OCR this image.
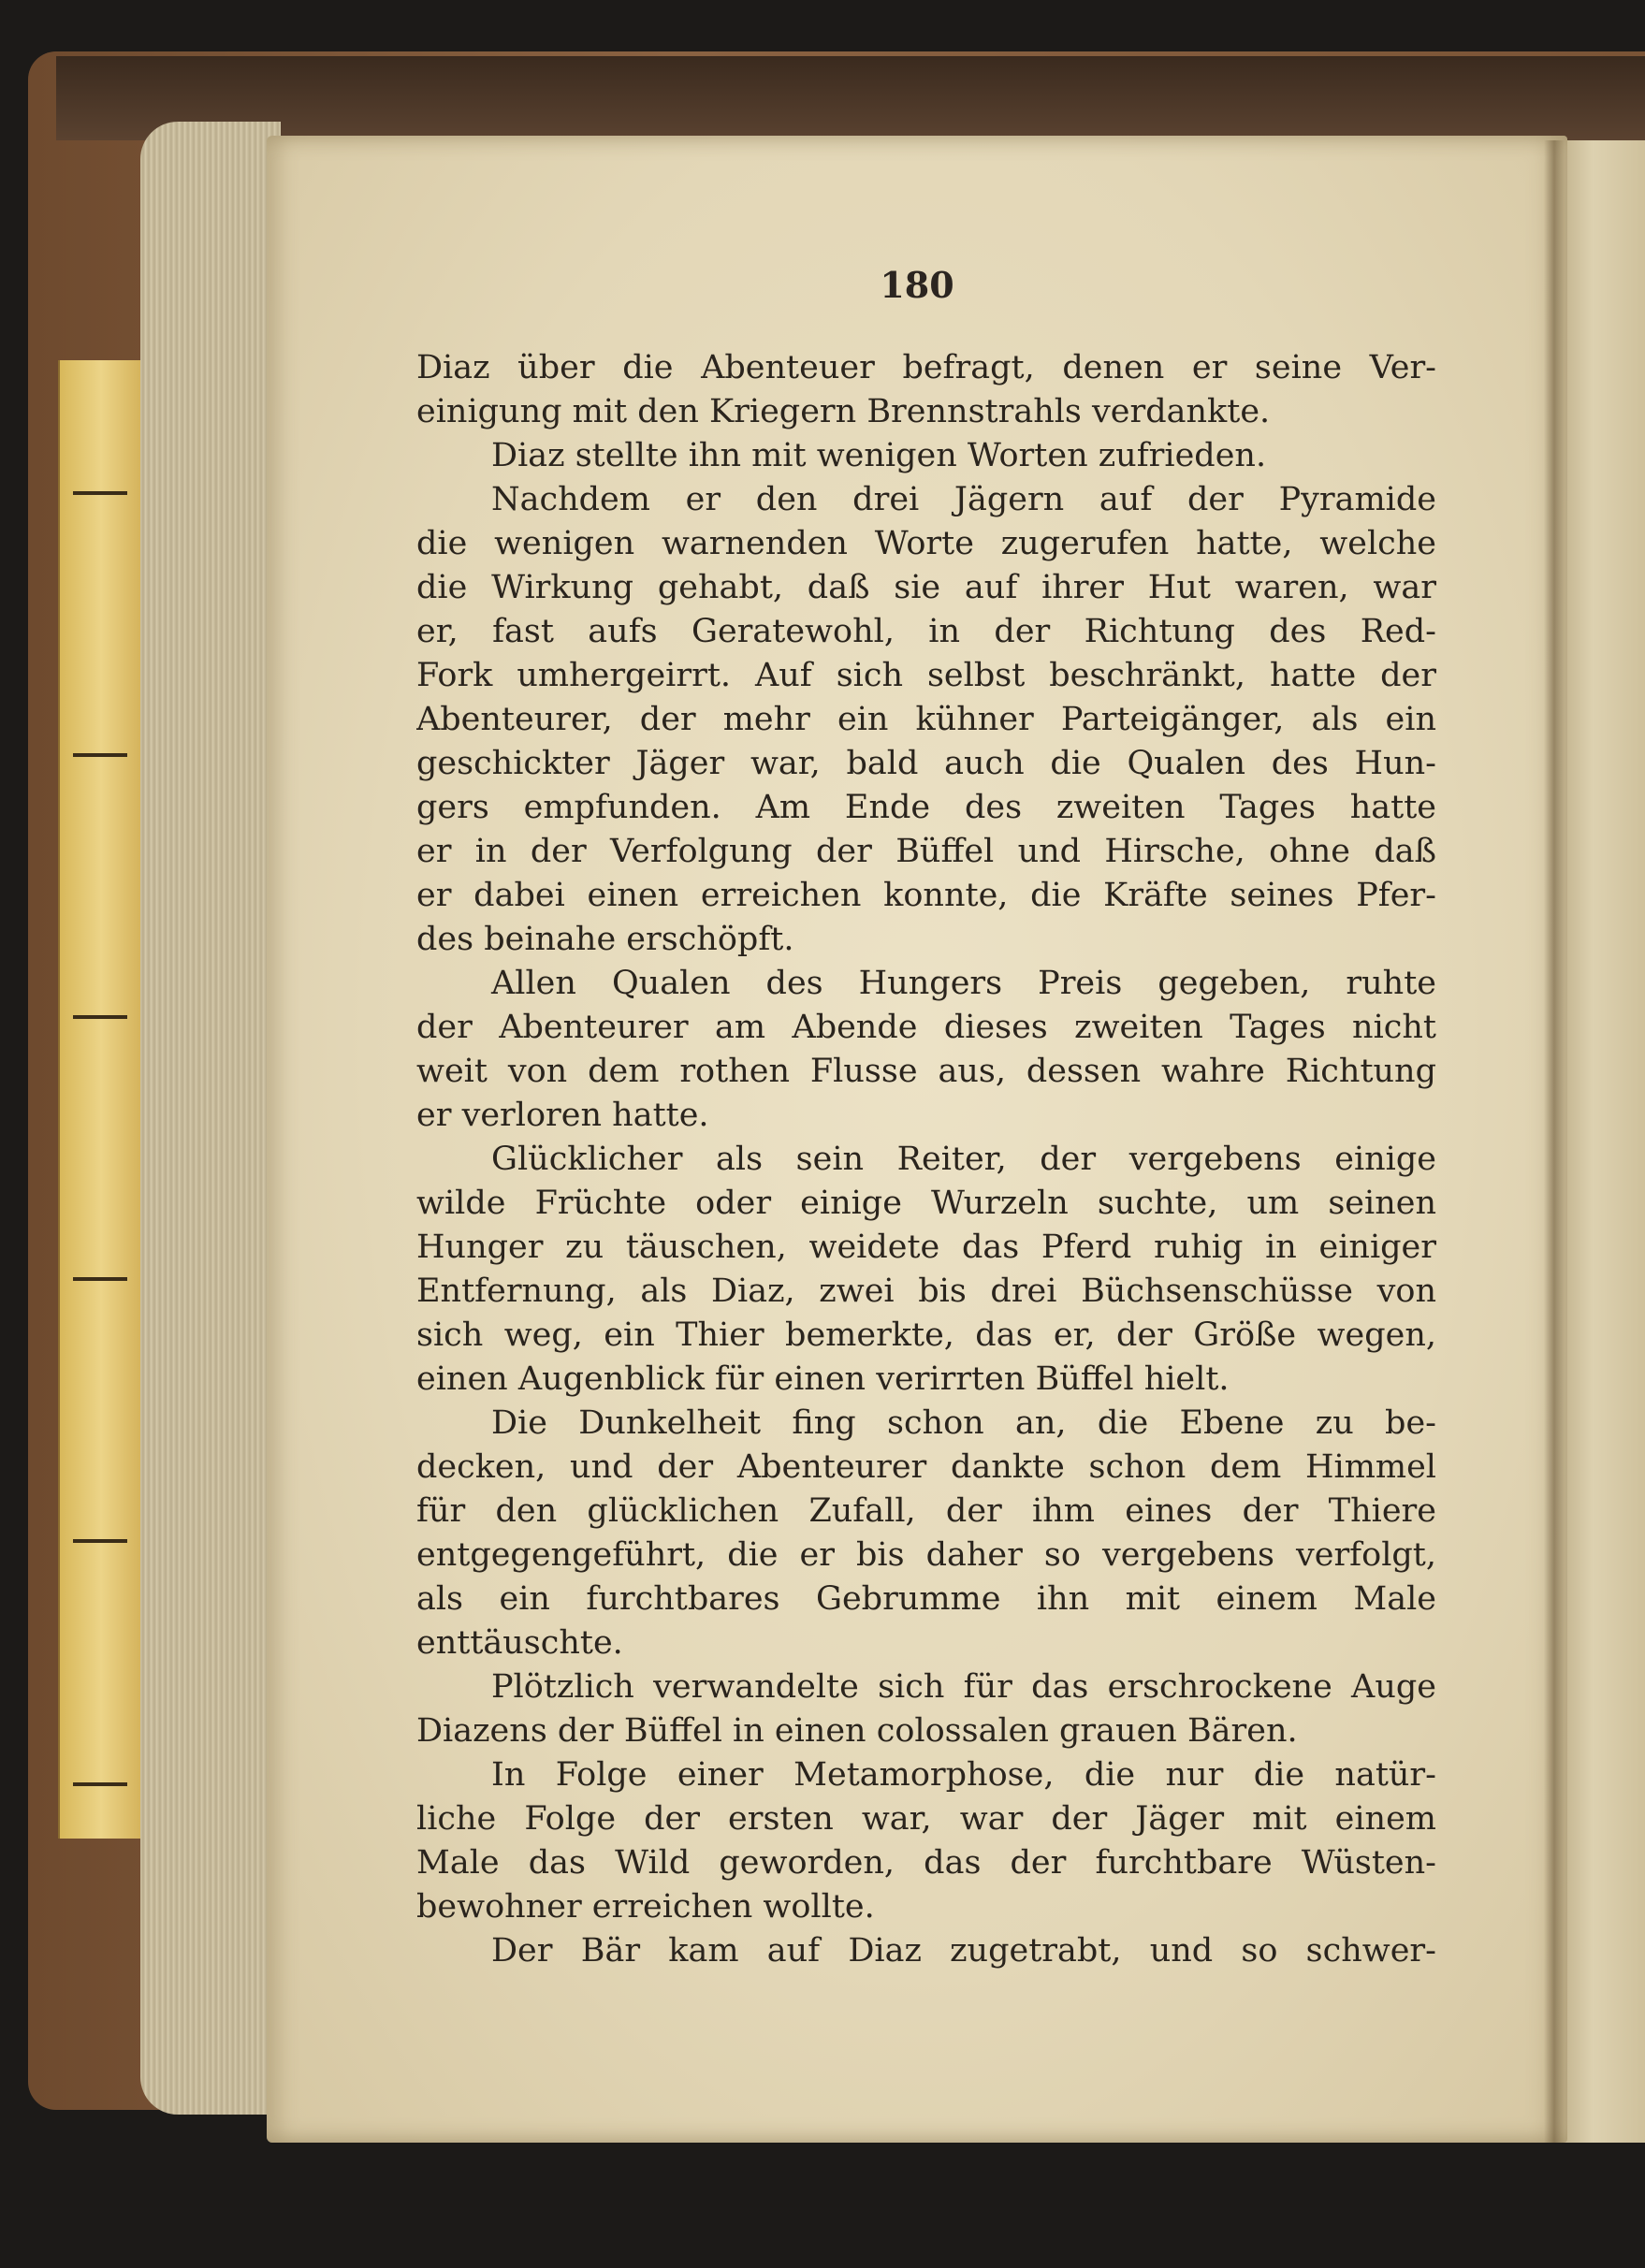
180
Diaz über die Abenteuer befragt, denen er seine Ver-
einigung mit den Kriegern Brennstrahls verdankte.
Diaz stellte ihn mit wenigen Worten zufrieden.
Nachdem er den drei Jägern auf der Pyramide
die wenigen warnenden Worte zugerufen hatte, welche
die Wirkung gehabt, daß sie auf ihrer Hut waren, war
er, fast aufs Geratewohl, in der Richtung des Red-
Fork umhergeirrt. Auf sich selbst beschränkt, hatte der
Abenteurer, der mehr ein kühner Parteigänger, als ein
geschickter Jäger war, bald auch die Qualen des Hun-
gers empfunden. Am Ende des zweiten Tages hatte
er in der Verfolgung der Büffel und Hirsche, ohne daß
er dabei einen erreichen konnte, die Kräfte seines Pfer-
des beinahe erschöpft.
Allen Qualen des Hungers Preis gegeben, ruhte
der Abenteurer am Abende dieses zweiten Tages nicht
weit von dem rothen Flusse aus, dessen wahre Richtung
er verloren hatte.
Glücklicher als sein Reiter, der vergebens einige
wilde Früchte oder einige Wurzeln suchte, um seinen
Hunger zu täuschen, weidete das Pferd ruhig in einiger
Entfernung, als Diaz, zwei bis drei Büchsenschüsse von
sich weg, ein Thier bemerkte, das er, der Größe wegen,
einen Augenblick für einen verirrten Büffel hielt.
Die Dunkelheit fing schon an, die Ebene zu be-
decken, und der Abenteurer dankte schon dem Himmel
für den glücklichen Zufall, der ihm eines der Thiere
entgegengeführt, die er bis daher so vergebens verfolgt,
als ein furchtbares Gebrumme ihn mit einem Male
enttäuschte.
Plötzlich verwandelte sich für das erschrockene Auge
Diazens der Büffel in einen colossalen grauen Bären.
In Folge einer Metamorphose, die nur die natür-
liche Folge der ersten war, war der Jäger mit einem
Male das Wild geworden, das der furchtbare Wüsten-
bewohner erreichen wollte.
Der Bär kam auf Diaz zugetrabt, und so schwer-
